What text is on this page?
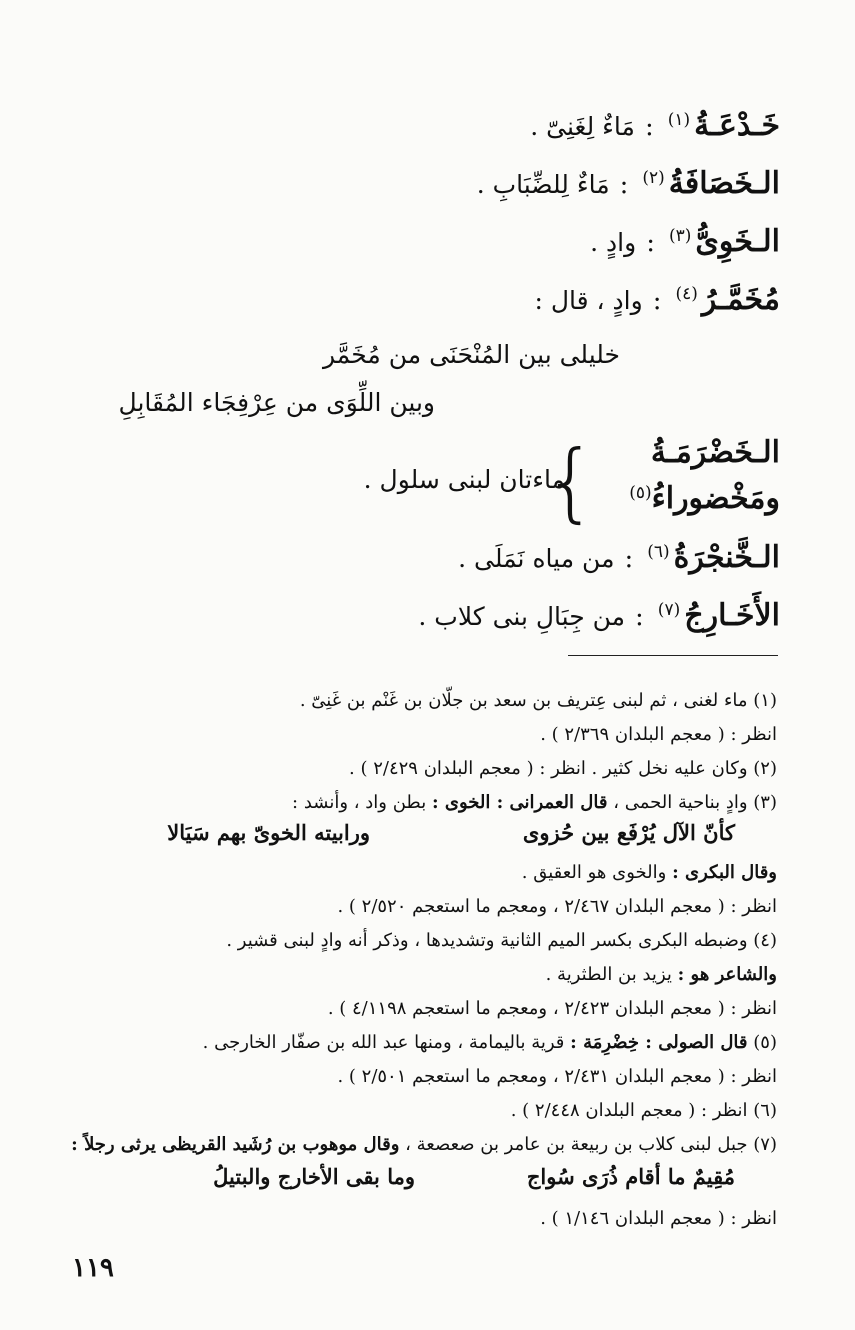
خَـدْعَـةُ
(١)
:
مَاءٌ لِغَنِىّ .
الـخَصَافَةُ
(٢)
:
مَاءٌ لِلضِّبَابِ .
الـخَوِىُّ
(٣)
:
وادٍ .
مُخَمَّـرُ
(٤)
:
وادٍ ، قال :
خليلى بين المُنْحَنَى من مُخَمَّر
وبين اللِّوَى من عِرْفِجَاء المُقَابِلِ
الـخَضْرَمَـةُ
ومَخْضوراءُ$^{(٥)}$
}
ماءتان لبنى سلول .
الـخَّنجْرَةُ
(٦)
:
من مياه نَمَلَى .
الأَخَـارِجُ
(٧)
:
من جِبَالِ بنى كلاب .
(١) ماء لغنى ، ثم لبنى عِتريف بن سعد بن جلّان بن غَنْم بن غَنِىّ .
انظر : ( معجم البلدان ٢/٣٦٩ ) .
(٢) وكان عليه نخل كثير . انظر : ( معجم البلدان ٢/٤٢٩ ) .
(٣) وادٍ بناحية الحمى ، قال العمرانى : الخوى : بطن واد ، وأنشد :
كأنّ الآل يُرْفَع بين حُزوى
ورابيته الخوىّ بهم سَيَالا
وقال البكرى : والخوى هو العقيق .
انظر : ( معجم البلدان ٢/٤٦٧ ، ومعجم ما استعجم ٢/٥٢٠ ) .
(٤) وضبطه البكرى بكسر الميم الثانية وتشديدها ، وذكر أنه وادٍ لبنى قشير .
والشاعر هو : يزيد بن الطثرية .
انظر : ( معجم البلدان ٢/٤٢٣ ، ومعجم ما استعجم ٤/١١٩٨ ) .
(٥) قال الصولى : خِضْرِمَة : قرية باليمامة ، ومنها عبد الله بن صفّار الخارجى .
انظر : ( معجم البلدان ٢/٤٣١ ، ومعجم ما استعجم ٢/٥٠١ ) .
(٦) انظر : ( معجم البلدان ٢/٤٤٨ ) .
(٧) جبل لبنى كلاب بن ربيعة بن عامر بن صعصعة ، وقال موهوب بن رُشَيد القريظى يرثى رجلاً :
مُقِيمٌ ما أقام ذُرَى سُواج
وما بقى الأخارج والبتيلُ
انظر : ( معجم البلدان ١/١٤٦ ) .
١١٩
